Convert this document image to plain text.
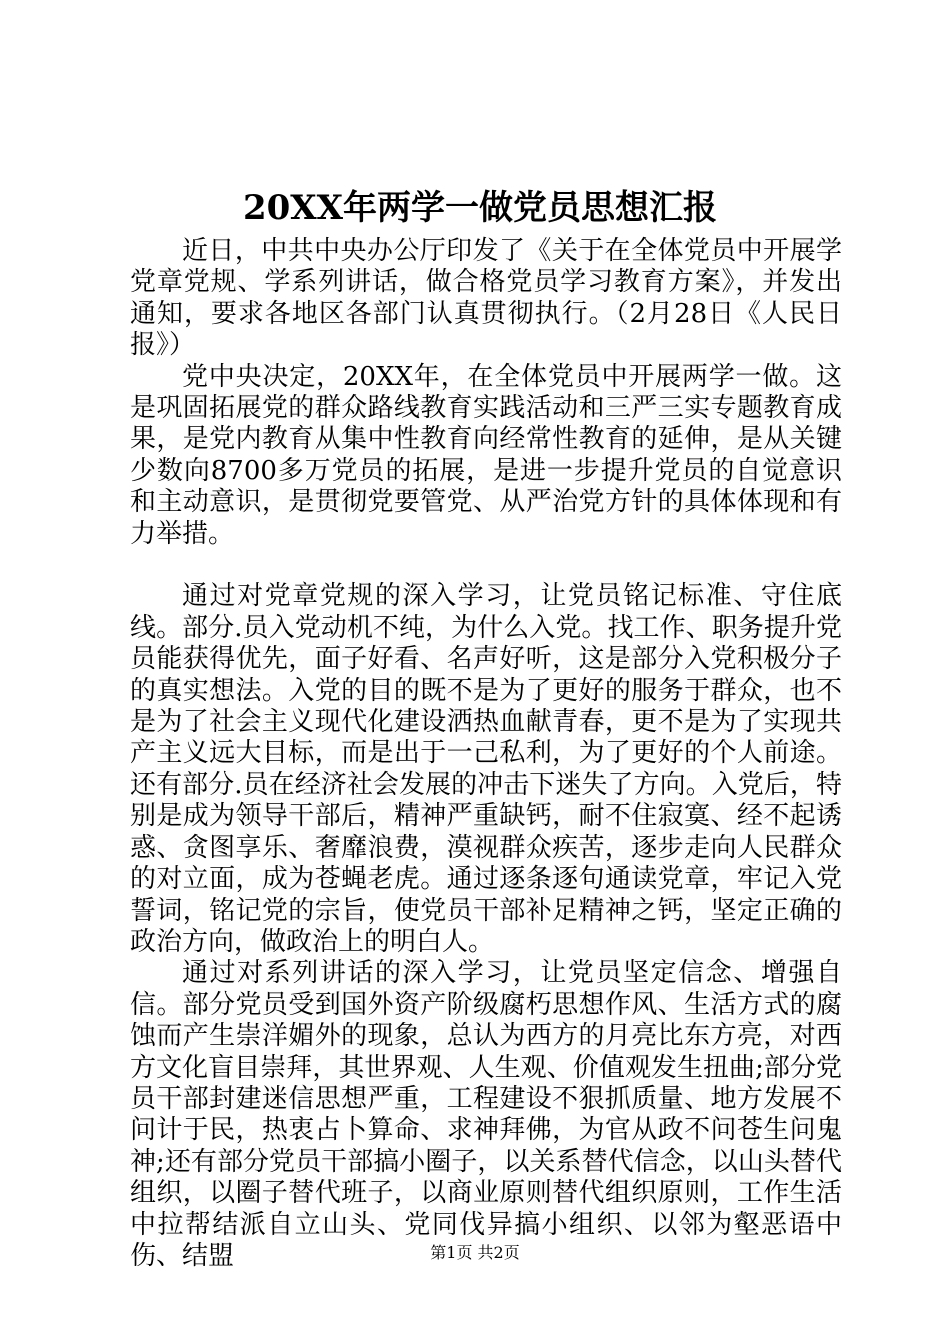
20XX年两学一做党员思想汇报

近日，中共中央办公厅印发了《关于在全体党员中开展学党章党规、学系列讲话，做合格党员学习教育方案》，并发出通知，要求各地区各部门认真贯彻执行。（2月28日《人民日报》）

党中央决定，20XX年，在全体党员中开展两学一做。这是巩固拓展党的群众路线教育实践活动和三严三实专题教育成果，是党内教育从集中性教育向经常性教育的延伸，是从关键少数向8700多万党员的拓展，是进一步提升党员的自觉意识和主动意识，是贯彻党要管党、从严治党方针的具体体现和有力举措。

通过对党章党规的深入学习，让党员铭记标准、守住底线。部分.员入党动机不纯，为什么入党。找工作、职务提升党员能获得优先，面子好看、名声好听，这是部分入党积极分子的真实想法。入党的目的既不是为了更好的服务于群众，也不是为了社会主义现代化建设洒热血献青春，更不是为了实现共产主义远大目标，而是出于一己私利，为了更好的个人前途。还有部分.员在经济社会发展的冲击下迷失了方向。入党后，特别是成为领导干部后，精神严重缺钙，耐不住寂寞、经不起诱惑、贪图享乐、奢靡浪费，漠视群众疾苦，逐步走向人民群众的对立面，成为苍蝇老虎。通过逐条逐句通读党章，牢记入党誓词，铭记党的宗旨，使党员干部补足精神之钙，坚定正确的政治方向，做政治上的明白人。

通过对系列讲话的深入学习，让党员坚定信念、增强自信。部分党员受到国外资产阶级腐朽思想作风、生活方式的腐蚀而产生崇洋媚外的现象，总认为西方的月亮比东方亮，对西方文化盲目崇拜，其世界观、人生观、价值观发生扭曲;部分党员干部封建迷信思想严重，工程建设不狠抓质量、地方发展不问计于民，热衷占卜算命、求神拜佛，为官从政不问苍生问鬼神;还有部分党员干部搞小圈子，以关系替代信念，以山头替代组织，以圈子替代班子，以商业原则替代组织原则，工作生活中拉帮结派自立山头、党同伐异搞小组织、以邻为壑恶语中伤、结盟	第1页 共2页
